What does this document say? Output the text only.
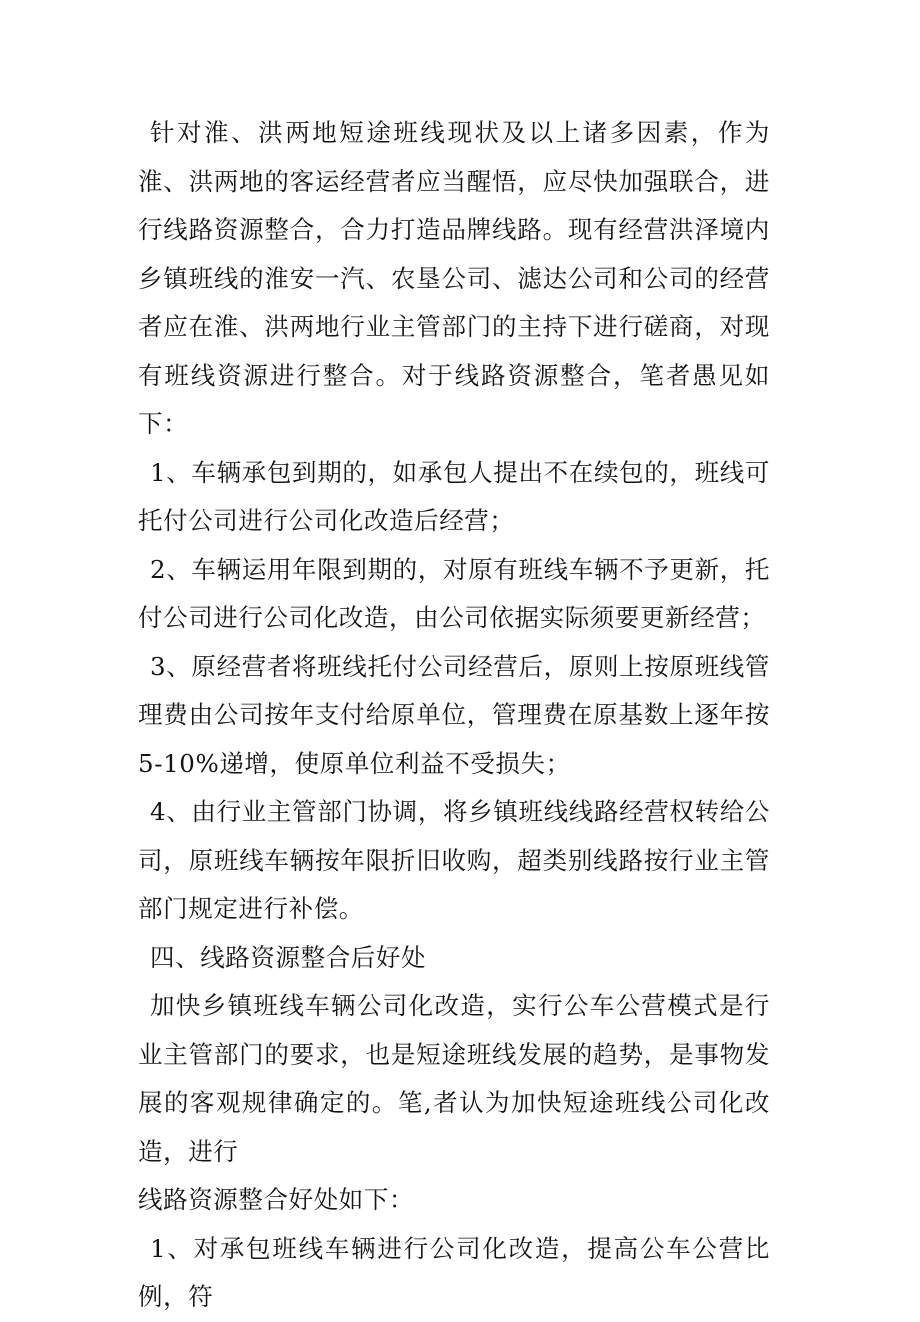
针对淮、洪两地短途班线现状及以上诸多因素，作为淮、洪两地的客运经营者应当醒悟，应尽快加强联合，进行线路资源整合，合力打造品牌线路。现有经营洪泽境内乡镇班线的淮安一汽、农垦公司、滤达公司和公司的经营者应在淮、洪两地行业主管部门的主持下进行磋商，对现有班线资源进行整合。对于线路资源整合，笔者愚见如下：

1、车辆承包到期的，如承包人提出不在续包的，班线可托付公司进行公司化改造后经营；

2、车辆运用年限到期的，对原有班线车辆不予更新，托付公司进行公司化改造，由公司依据实际须要更新经营；

3、原经营者将班线托付公司经营后，原则上按原班线管理费由公司按年支付给原单位，管理费在原基数上逐年按5-10%递增，使原单位利益不受损失；

4、由行业主管部门协调，将乡镇班线线路经营权转给公司，原班线车辆按年限折旧收购，超类别线路按行业主管部门规定进行补偿。

四、线路资源整合后好处

加快乡镇班线车辆公司化改造，实行公车公营模式是行业主管部门的要求，也是短途班线发展的趋势，是事物发展的客观规律确定的。笔,者认为加快短途班线公司化改造，进行

线路资源整合好处如下：

1、对承包班线车辆进行公司化改造，提高公车公营比例，符
